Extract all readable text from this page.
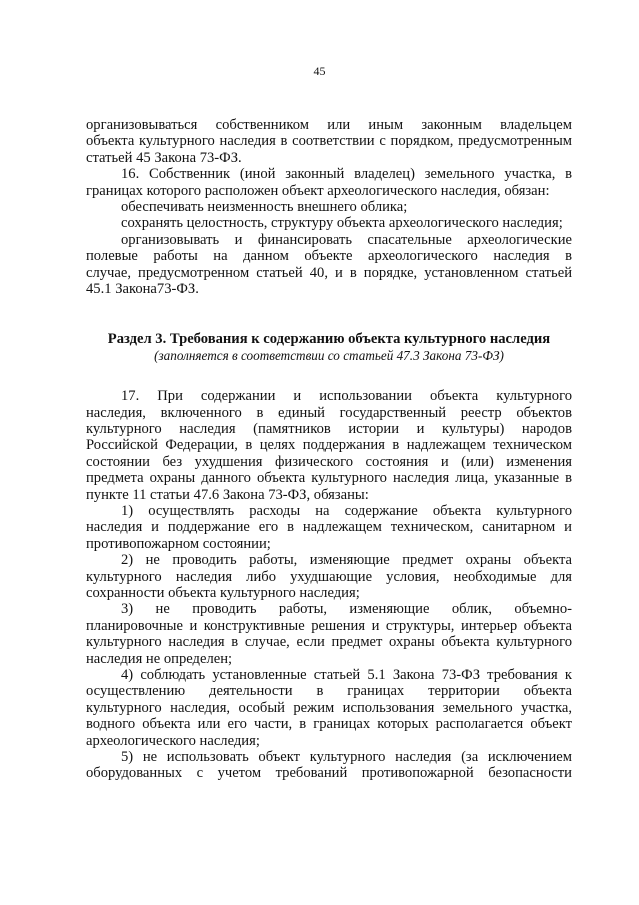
45
организовываться собственником или иным законным владельцем
объекта культурного наследия в соответствии с порядком, предусмотренным
статьей 45 Закона 73-ФЗ.
16. Собственник (иной законный владелец) земельного участка, в
границах которого расположен объект археологического наследия, обязан:
обеспечивать неизменность внешнего облика;
сохранять целостность, структуру объекта археологического наследия;
организовывать и финансировать спасательные археологические
полевые работы на данном объекте археологического наследия в
случае, предусмотренном статьей 40, и в порядке, установленном статьей
45.1 Закона73-ФЗ.
Раздел 3. Требования к содержанию объекта культурного наследия
(заполняется в соответствии со статьей 47.3 Закона 73-ФЗ)
17. При содержании и использовании объекта культурного
наследия, включенного в единый государственный реестр объектов
культурного наследия (памятников истории и культуры) народов
Российской Федерации, в целях поддержания в надлежащем техническом
состоянии без ухудшения физического состояния и (или) изменения
предмета охраны данного объекта культурного наследия лица, указанные в
пункте 11 статьи 47.6 Закона 73-ФЗ, обязаны:
1) осуществлять расходы на содержание объекта культурного
наследия и поддержание его в надлежащем техническом, санитарном и
противопожарном состоянии;
2) не проводить работы, изменяющие предмет охраны объекта
культурного наследия либо ухудшающие условия, необходимые для
сохранности объекта культурного наследия;
3) не проводить работы, изменяющие облик, объемно-
планировочные и конструктивные решения и структуры, интерьер объекта
культурного наследия в случае, если предмет охраны объекта культурного
наследия не определен;
4) соблюдать установленные статьей 5.1 Закона 73-ФЗ требования к
осуществлению деятельности в границах территории объекта
культурного наследия, особый режим использования земельного участка,
водного объекта или его части, в границах которых располагается объект
археологического наследия;
5) не использовать объект культурного наследия (за исключением
оборудованных с учетом требований противопожарной безопасности
